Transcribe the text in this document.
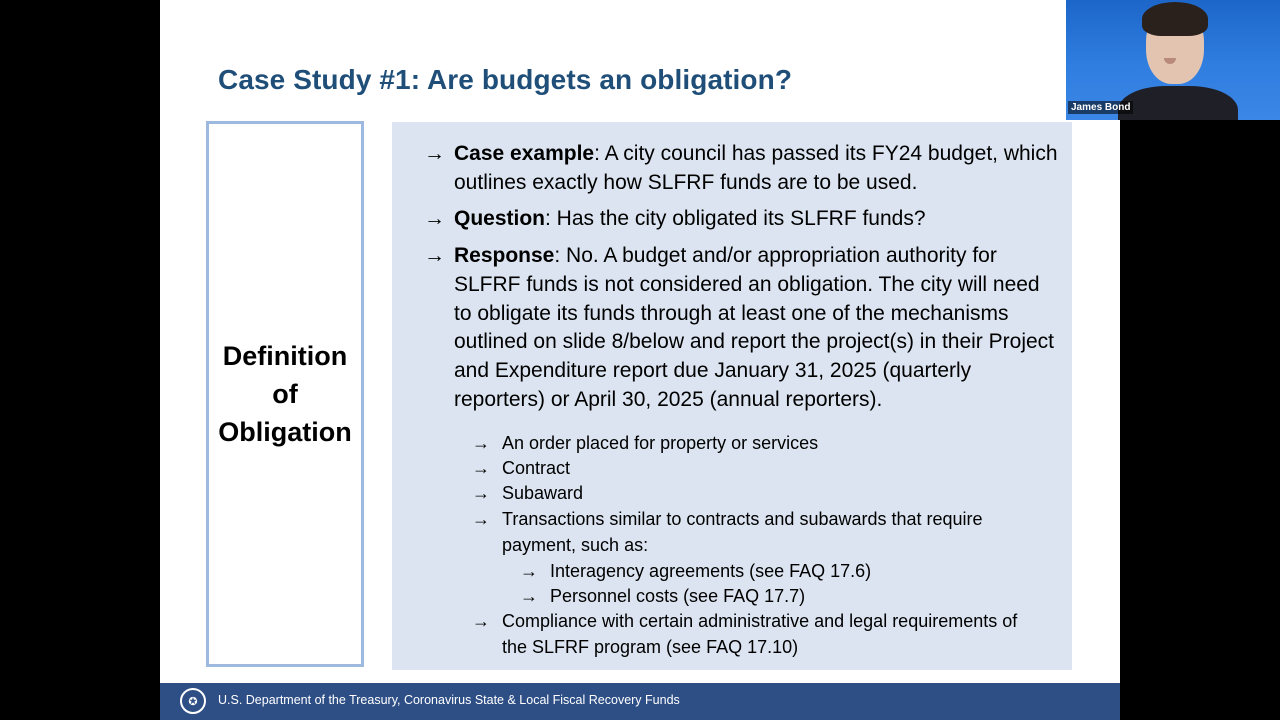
Case Study #1: Are budgets an obligation?
Definition of Obligation
→ Case example: A city council has passed its FY24 budget, which outlines exactly how SLFRF funds are to be used.
→ Question: Has the city obligated its SLFRF funds?
→ Response: No. A budget and/or appropriation authority for SLFRF funds is not considered an obligation. The city will need to obligate its funds through at least one of the mechanisms outlined on slide 8/below and report the project(s) in their Project and Expenditure report due January 31, 2025 (quarterly reporters) or April 30, 2025 (annual reporters).
→ An order placed for property or services
→ Contract
→ Subaward
→ Transactions similar to contracts and subawards that require payment, such as:
→ Interagency agreements (see FAQ 17.6)
→ Personnel costs (see FAQ 17.7)
→ Compliance with certain administrative and legal requirements of the SLFRF program (see FAQ 17.10)
✪	U.S. Department of the Treasury, Coronavirus State & Local Fiscal Recovery Funds
James Bond
